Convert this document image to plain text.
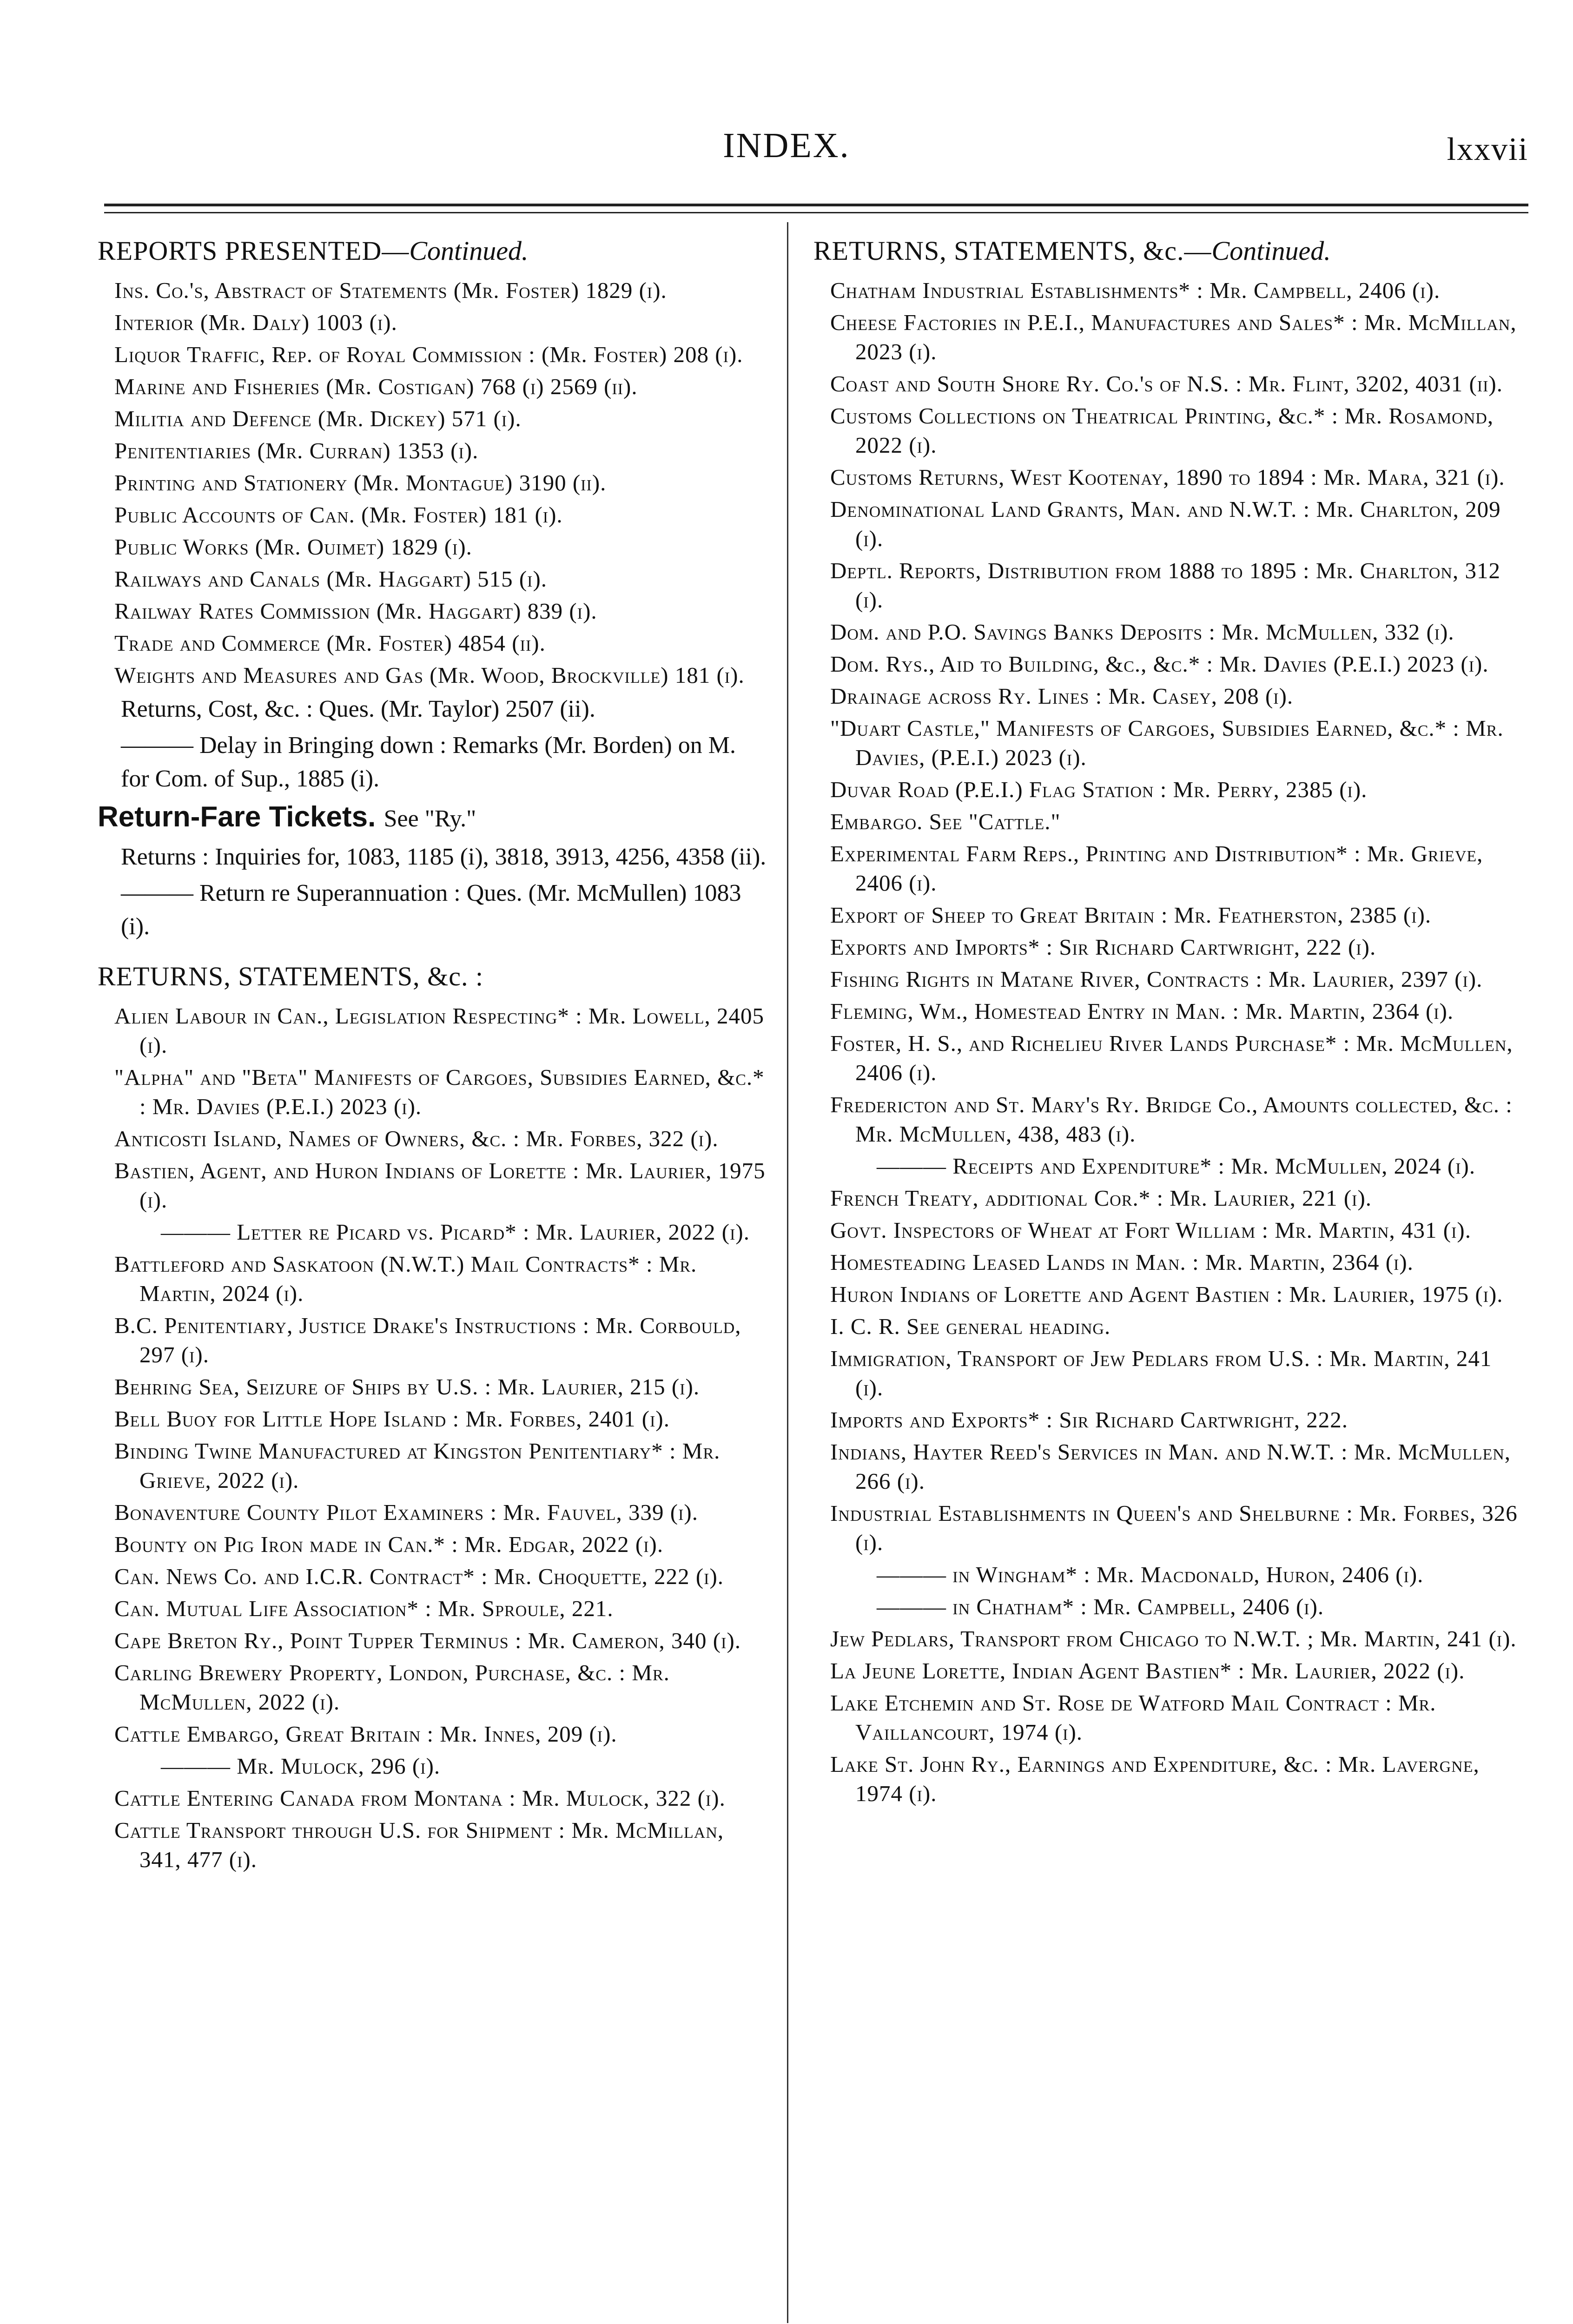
INDEX.	lxxvii
REPORTS PRESENTED—Continued.
Ins. Co.'s, Abstract of Statements (Mr. Foster) 1829 (i).
Interior (Mr. Daly) 1003 (i).
Liquor Traffic, Rep. of Royal Commission : (Mr. Foster) 208 (i).
Marine and Fisheries (Mr. Costigan) 768 (i) 2569 (ii).
Militia and Defence (Mr. Dickey) 571 (i).
Penitentiaries (Mr. Curran) 1353 (i).
Printing and Stationery (Mr. Montague) 3190 (ii).
Public Accounts of Can. (Mr. Foster) 181 (i).
Public Works (Mr. Ouimet) 1829 (i).
Railways and Canals (Mr. Haggart) 515 (i).
Railway Rates Commission (Mr. Haggart) 839 (i).
Trade and Commerce (Mr. Foster) 4854 (ii).
Weights and Measures and Gas (Mr. Wood, Brockville) 181 (i).
Returns, Cost, &c. : Ques. (Mr. Taylor) 2507 (ii).
——— Delay in Bringing down : Remarks (Mr. Borden) on M. for Com. of Sup., 1885 (i).
Return-Fare Tickets. See "Ry."
Returns : Inquiries for, 1083, 1185 (i), 3818, 3913, 4256, 4358 (ii).
——— Return re Superannuation : Ques. (Mr. McMullen) 1083 (i).
RETURNS, STATEMENTS, &c. :
Alien Labour in Can., Legislation Respecting* : Mr. Lowell, 2405 (i).
"Alpha" and "Beta" Manifests of Cargoes, Subsidies Earned, &c.* : Mr. Davies (P.E.I.) 2023 (i).
Anticosti Island, Names of Owners, &c. : Mr. Forbes, 322 (i).
Bastien, Agent, and Huron Indians of Lorette : Mr. Laurier, 1975 (i).
——— Letter re Picard vs. Picard* : Mr. Laurier, 2022 (i).
Battleford and Saskatoon (N.W.T.) Mail Contracts* : Mr. Martin, 2024 (i).
B.C. Penitentiary, Justice Drake's Instructions : Mr. Corbould, 297 (i).
Behring Sea, Seizure of Ships by U.S. : Mr. Laurier, 215 (i).
Bell Buoy for Little Hope Island : Mr. Forbes, 2401 (i).
Binding Twine Manufactured at Kingston Penitentiary* : Mr. Grieve, 2022 (i).
Bonaventure County Pilot Examiners : Mr. Fauvel, 339 (i).
Bounty on Pig Iron made in Can.* : Mr. Edgar, 2022 (i).
Can. News Co. and I.C.R. Contract* : Mr. Choquette, 222 (i).
Can. Mutual Life Association* : Mr. Sproule, 221.
Cape Breton Ry., Point Tupper Terminus : Mr. Cameron, 340 (i).
Carling Brewery Property, London, Purchase, &c. : Mr. McMullen, 2022 (i).
Cattle Embargo, Great Britain : Mr. Innes, 209 (i).
——— Mr. Mulock, 296 (i).
Cattle Entering Canada from Montana : Mr. Mulock, 322 (i).
Cattle Transport through U.S. for Shipment : Mr. McMillan, 341, 477 (i).
RETURNS, STATEMENTS, &c.—Continued.
Chatham Industrial Establishments* : Mr. Campbell, 2406 (i).
Cheese Factories in P.E.I., Manufactures and Sales* : Mr. McMillan, 2023 (i).
Coast and South Shore Ry. Co.'s of N.S. : Mr. Flint, 3202, 4031 (ii).
Customs Collections on Theatrical Printing, &c.* : Mr. Rosamond, 2022 (i).
Customs Returns, West Kootenay, 1890 to 1894 : Mr. Mara, 321 (i).
Denominational Land Grants, Man. and N.W.T. : Mr. Charlton, 209 (i).
Deptl. Reports, Distribution from 1888 to 1895 : Mr. Charlton, 312 (i).
Dom. and P.O. Savings Banks Deposits : Mr. McMullen, 332 (i).
Dom. Rys., Aid to Building, &c., &c.* : Mr. Davies (P.E.I.) 2023 (i).
Drainage across Ry. Lines : Mr. Casey, 208 (i).
"Duart Castle," Manifests of Cargoes, Subsidies Earned, &c.* : Mr. Davies, (P.E.I.) 2023 (i).
Duvar Road (P.E.I.) Flag Station : Mr. Perry, 2385 (i).
Embargo. See "Cattle."
Experimental Farm Reps., Printing and Distribution* : Mr. Grieve, 2406 (i).
Export of Sheep to Great Britain : Mr. Featherston, 2385 (i).
Exports and Imports* : Sir Richard Cartwright, 222 (i).
Fishing Rights in Matane River, Contracts : Mr. Laurier, 2397 (i).
Fleming, Wm., Homestead Entry in Man. : Mr. Martin, 2364 (i).
Foster, H. S., and Richelieu River Lands Purchase* : Mr. McMullen, 2406 (i).
Fredericton and St. Mary's Ry. Bridge Co., Amounts collected, &c. : Mr. McMullen, 438, 483 (i).
——— Receipts and Expenditure* : Mr. McMullen, 2024 (i).
French Treaty, additional Cor.* : Mr. Laurier, 221 (i).
Govt. Inspectors of Wheat at Fort William : Mr. Martin, 431 (i).
Homesteading Leased Lands in Man. : Mr. Martin, 2364 (i).
Huron Indians of Lorette and Agent Bastien : Mr. Laurier, 1975 (i).
I. C. R. See general heading.
Immigration, Transport of Jew Pedlars from U.S. : Mr. Martin, 241 (i).
Imports and Exports* : Sir Richard Cartwright, 222.
Indians, Hayter Reed's Services in Man. and N.W.T. : Mr. McMullen, 266 (i).
Industrial Establishments in Queen's and Shelburne : Mr. Forbes, 326 (i).
——— in Wingham* : Mr. Macdonald, Huron, 2406 (i).
——— in Chatham* : Mr. Campbell, 2406 (i).
Jew Pedlars, Transport from Chicago to N.W.T. ; Mr. Martin, 241 (i).
La Jeune Lorette, Indian Agent Bastien* : Mr. Laurier, 2022 (i).
Lake Etchemin and St. Rose de Watford Mail Contract : Mr. Vaillancourt, 1974 (i).
Lake St. John Ry., Earnings and Expenditure, &c. : Mr. Lavergne, 1974 (i).
